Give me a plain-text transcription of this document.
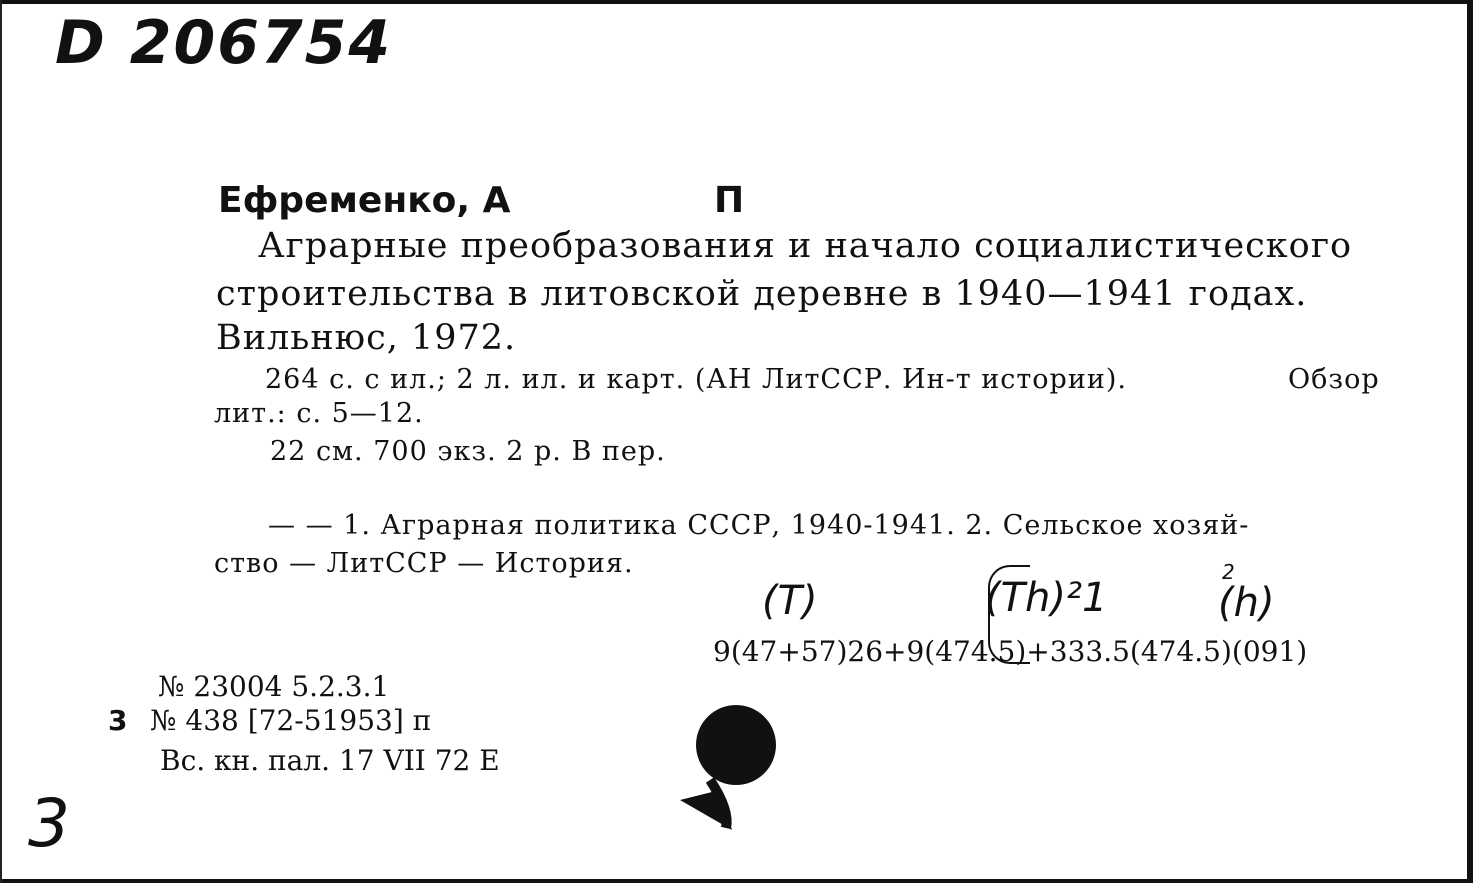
D 206754
Ефременко, А	П
Аграрные преобразования и начало социалистического
строительства в литовской деревне в 1940—1941 годах.
Вильнюс, 1972.
264 с. с ил.; 2 л. ил. и карт. (АН ЛитССР. Ин-т истории).	Обзор
лит.: с. 5—12.
22 см. 700 экз. 2 р. В пер.
— — 1. Аграрная политика СССР, 1940-1941. 2. Сельское хозяй-
ство — ЛитССР — История.
(Т)	(Тh)²1
2
(h)
9(47+57)26+9(474.5)+333.5(474.5)(091)
№ 23004 5.2.3.1
3 № 438 [72-51953] п
Вс. кн. пал. 17 VII 72 Е
3
